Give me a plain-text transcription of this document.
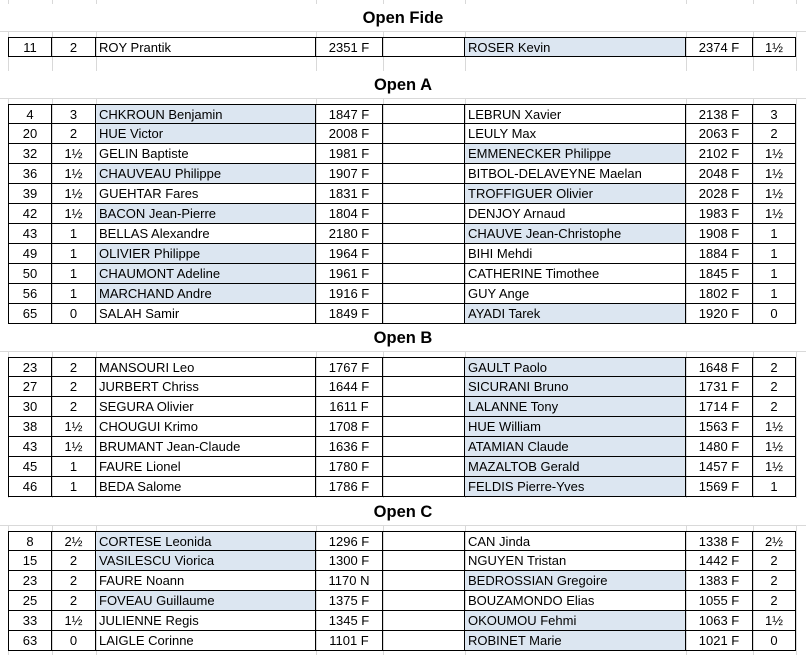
Open Fide
11	2	ROY Prantik	2351 F	ROSER Kevin	2374 F	1½
Open A
4	3	CHKROUN Benjamin	1847 F	LEBRUN Xavier	2138 F	3
20	2	HUE Victor	2008 F	LEULY Max	2063 F	2
32	1½	GELIN Baptiste	1981 F	EMMENECKER Philippe	2102 F	1½
36	1½	CHAUVEAU Philippe	1907 F	BITBOL-DELAVEYNE Maelan	2048 F	1½
39	1½	GUEHTAR Fares	1831 F	TROFFIGUER Olivier	2028 F	1½
42	1½	BACON Jean-Pierre	1804 F	DENJOY Arnaud	1983 F	1½
43	1	BELLAS Alexandre	2180 F	CHAUVE Jean-Christophe	1908 F	1
49	1	OLIVIER Philippe	1964 F	BIHI Mehdi	1884 F	1
50	1	CHAUMONT Adeline	1961 F	CATHERINE Timothee	1845 F	1
56	1	MARCHAND Andre	1916 F	GUY Ange	1802 F	1
65	0	SALAH Samir	1849 F	AYADI Tarek	1920 F	0
Open B
23	2	MANSOURI Leo	1767 F	GAULT Paolo	1648 F	2
27	2	JURBERT Chriss	1644 F	SICURANI Bruno	1731 F	2
30	2	SEGURA Olivier	1611 F	LALANNE Tony	1714 F	2
38	1½	CHOUGUI Krimo	1708 F	HUE William	1563 F	1½
43	1½	BRUMANT Jean-Claude	1636 F	ATAMIAN Claude	1480 F	1½
45	1	FAURE Lionel	1780 F	MAZALTOB Gerald	1457 F	1½
46	1	BEDA Salome	1786 F	FELDIS Pierre-Yves	1569 F	1
Open C
8	2½	CORTESE Leonida	1296 F	CAN Jinda	1338 F	2½
15	2	VASILESCU Viorica	1300 F	NGUYEN Tristan	1442 F	2
23	2	FAURE Noann	1170 N	BEDROSSIAN Gregoire	1383 F	2
25	2	FOVEAU Guillaume	1375 F	BOUZAMONDO Elias	1055 F	2
33	1½	JULIENNE Regis	1345 F	OKOUMOU Fehmi	1063 F	1½
63	0	LAIGLE Corinne	1101 F	ROBINET Marie	1021 F	0
